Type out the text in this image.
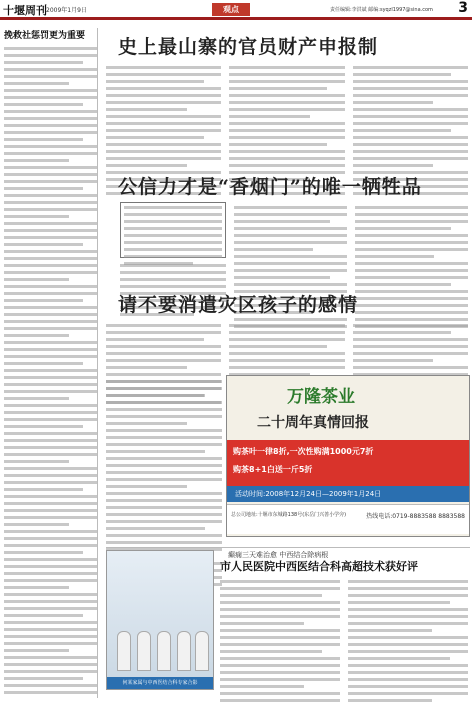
十堰周刊 2009年1月9日	观点	责任编辑:李洪斌 邮编:syqzl1997@sina.com 3
挽救社惩罚更为重要	史上最山寨的官员财产申报制
公信力才是“香烟门”的唯一牺牲品
请不要消遣灾区孩子的感情
万隆茶业
二十周年真情回报
购茶叶一律8折,一次性购满1000元7折
购茶8+1白送一斤5折
活动时间:2008年12月24日—2009年1月24日
总公司地址:十堰市东城路138号(东岳门兴善小学旁)	热线电话:0719-8883588 8883588
何某家属与中西医结合科专家合影
癫痫三天难治愈 中西结合除病根
市人民医院中西医结合科高超技术获好评
